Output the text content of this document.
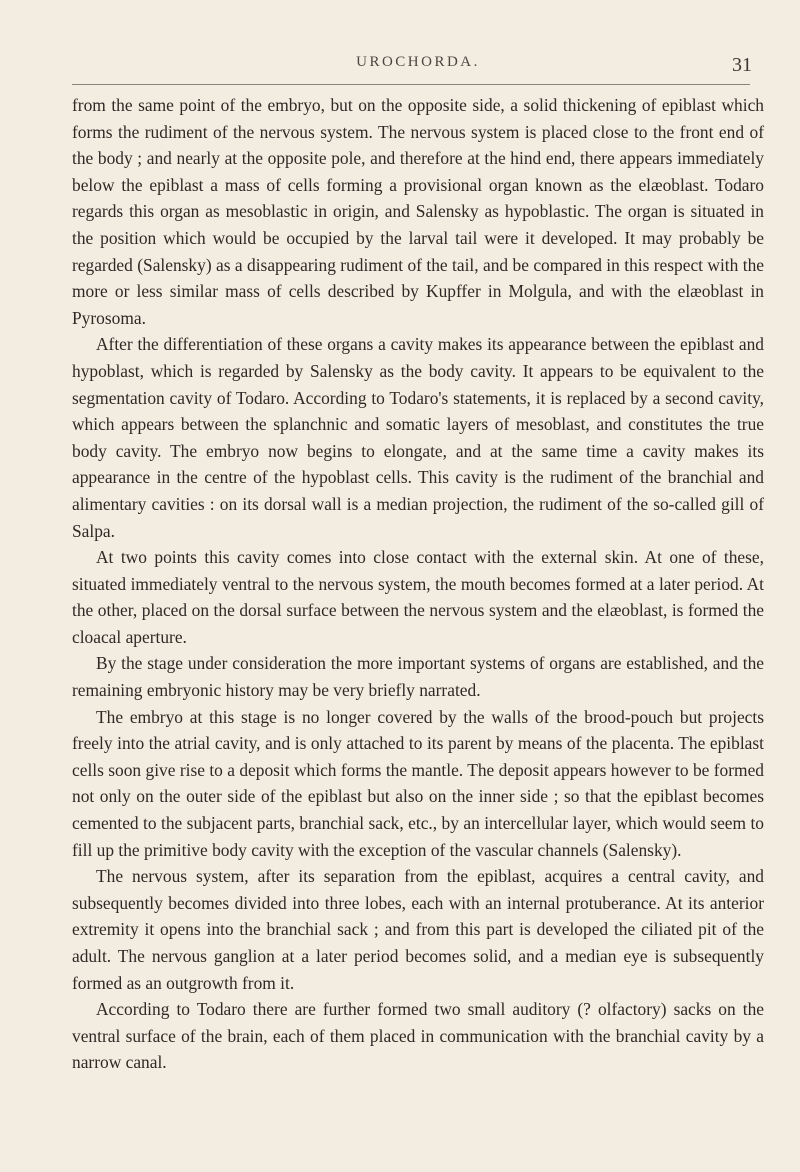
UROCHORDA.	31

from the same point of the embryo, but on the opposite side, a solid thickening of epiblast which forms the rudiment of the nervous system. The nervous system is placed close to the front end of the body ; and nearly at the opposite pole, and therefore at the hind end, there appears immediately below the epiblast a mass of cells forming a provisional organ known as the elæoblast. Todaro regards this organ as mesoblastic in origin, and Salensky as hypoblastic. The organ is situated in the position which would be occupied by the larval tail were it developed. It may probably be regarded (Salensky) as a disappearing rudiment of the tail, and be compared in this respect with the more or less similar mass of cells described by Kupffer in Molgula, and with the elæoblast in Pyrosoma.

After the differentiation of these organs a cavity makes its appearance between the epiblast and hypoblast, which is regarded by Salensky as the body cavity. It appears to be equivalent to the segmentation cavity of Todaro. According to Todaro's statements, it is replaced by a second cavity, which appears between the splanchnic and somatic layers of mesoblast, and constitutes the true body cavity. The embryo now begins to elongate, and at the same time a cavity makes its appearance in the centre of the hypoblast cells. This cavity is the rudiment of the branchial and alimentary cavities : on its dorsal wall is a median projection, the rudiment of the so-called gill of Salpa.

At two points this cavity comes into close contact with the external skin. At one of these, situated immediately ventral to the nervous system, the mouth becomes formed at a later period. At the other, placed on the dorsal surface between the nervous system and the elæoblast, is formed the cloacal aperture.

By the stage under consideration the more important systems of organs are established, and the remaining embryonic history may be very briefly narrated.

The embryo at this stage is no longer covered by the walls of the brood-pouch but projects freely into the atrial cavity, and is only attached to its parent by means of the placenta. The epiblast cells soon give rise to a deposit which forms the mantle. The deposit appears however to be formed not only on the outer side of the epiblast but also on the inner side ; so that the epiblast becomes cemented to the subjacent parts, branchial sack, etc., by an intercellular layer, which would seem to fill up the primitive body cavity with the exception of the vascular channels (Salensky).

The nervous system, after its separation from the epiblast, acquires a central cavity, and subsequently becomes divided into three lobes, each with an internal protuberance. At its anterior extremity it opens into the branchial sack ; and from this part is developed the ciliated pit of the adult. The nervous ganglion at a later period becomes solid, and a median eye is subsequently formed as an outgrowth from it.

According to Todaro there are further formed two small auditory (? olfactory) sacks on the ventral surface of the brain, each of them placed in communication with the branchial cavity by a narrow canal.
